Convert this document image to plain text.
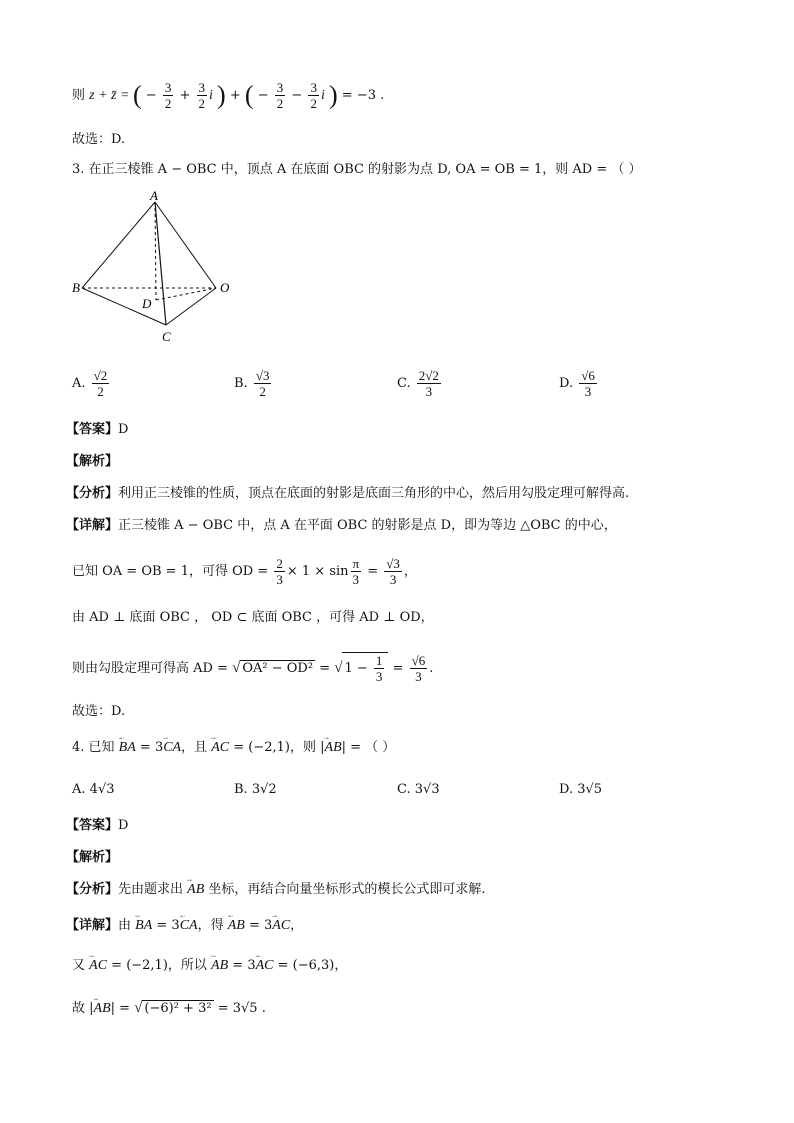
则 z + z̄ = ( − $\frac{3}{2} + \frac{3}{2}$ i ) + ( − $\frac{3}{2} - \frac{3}{2}$ i ) = −3 .
故选：D.
3. 在正三棱锥 A − OBC 中，顶点 A 在底面 OBC 的射影为点 D, OA = OB = 1，则 AD = （ ）
A
B	O
D
C
A. $\frac{√2}{2}$	B. $\frac{√3}{2}$	C. $\frac{2√2}{3}$	D. $\frac{√6}{3}$
【答案】D
【解析】
【分析】利用正三棱锥的性质，顶点在底面的射影是底面三角形的中心，然后用勾股定理可解得高.
【详解】正三棱锥 A − OBC 中，点 A 在平面 OBC 的射影是点 D，即为等边 △OBC 的中心，
已知 OA = OB = 1，可得 OD = $\frac{2}{3} \times 1 \times \sin \frac{\pi}{3} = \frac{√3}{3}$ ，
由 AD ⊥ 底面 OBC ， OD ⊂ 底面 OBC ，可得 AD ⊥ OD，
则由勾股定理可得高 AD = √ OA² − OD² = √ $1 - \frac{1}{3} = \frac{√6}{3}$ .
故选：D.
4. 已知 ᵕᵕᵕ BA = 3ᵕᵕᵕ CA，且 ᵕᵕᵕ AC = (−2,1)，则 |ᵕᵕᵕ AB| = （ ）
A. 4√3	B. 3√2	C. 3√3	D. 3√5
【答案】D
【解析】
【分析】先由题求出 ᵕᵕᵕ AB 坐标，再结合向量坐标形式的模长公式即可求解.
【详解】由 ᵕᵕᵕ BA = 3ᵕᵕᵕ CA，得 ᵕᵕᵕ AB = 3ᵕᵕᵕ AC，
又 ᵕᵕᵕ AC = (−2,1)，所以 ᵕᵕᵕ AB = 3ᵕᵕᵕ AC = (−6,3)，
故 |ᵕᵕᵕ AB| = √ (−6)² + 3² = 3√5 .
